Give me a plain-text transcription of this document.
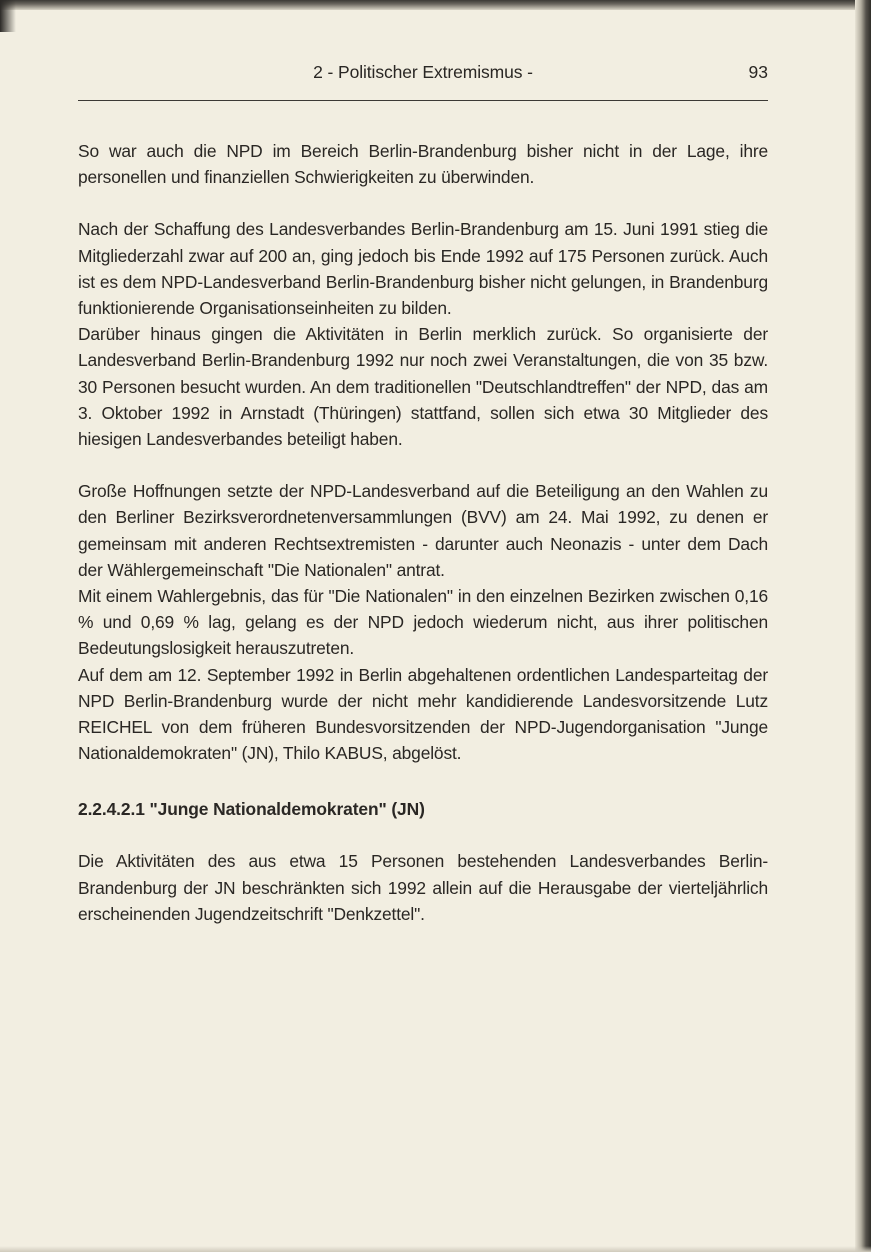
2 - Politischer Extremismus -	93

So war auch die NPD im Bereich Berlin-Brandenburg bisher nicht in der Lage, ihre personellen und finanziellen Schwierigkeiten zu überwinden.

Nach der Schaffung des Landesverbandes Berlin-Brandenburg am 15. Juni 1991 stieg die Mitgliederzahl zwar auf 200 an, ging jedoch bis Ende 1992 auf 175 Personen zurück. Auch ist es dem NPD-Landesverband Berlin-Brandenburg bisher nicht gelungen, in Brandenburg funktionierende Organisationseinheiten zu bilden.

Darüber hinaus gingen die Aktivitäten in Berlin merklich zurück. So organisierte der Landesverband Berlin-Brandenburg 1992 nur noch zwei Veranstaltungen, die von 35 bzw. 30 Personen besucht wurden. An dem traditionellen "Deutschlandtreffen" der NPD, das am 3. Oktober 1992 in Arnstadt (Thüringen) stattfand, sollen sich etwa 30 Mitglieder des hiesigen Landesverbandes beteiligt haben.

Große Hoffnungen setzte der NPD-Landesverband auf die Beteiligung an den Wahlen zu den Berliner Bezirksverordnetenversammlungen (BVV) am 24. Mai 1992, zu denen er gemeinsam mit anderen Rechtsextremisten - darunter auch Neonazis - unter dem Dach der Wählergemeinschaft "Die Nationalen" antrat.

Mit einem Wahlergebnis, das für "Die Nationalen" in den einzelnen Bezirken zwischen 0,16 % und 0,69 % lag, gelang es der NPD jedoch wiederum nicht, aus ihrer politischen Bedeutungslosigkeit herauszutreten.

Auf dem am 12. September 1992 in Berlin abgehaltenen ordentlichen Landesparteitag der NPD Berlin-Brandenburg wurde der nicht mehr kandidierende Landesvorsitzende Lutz REICHEL von dem früheren Bundesvorsitzenden der NPD-Jugendorganisation "Junge Nationaldemokraten" (JN), Thilo KABUS, abgelöst.

2.2.4.2.1 "Junge Nationaldemokraten" (JN)

Die Aktivitäten des aus etwa 15 Personen bestehenden Landesverbandes Berlin-Brandenburg der JN beschränkten sich 1992 allein auf die Herausgabe der vierteljährlich erscheinenden Jugendzeitschrift "Denkzettel".
